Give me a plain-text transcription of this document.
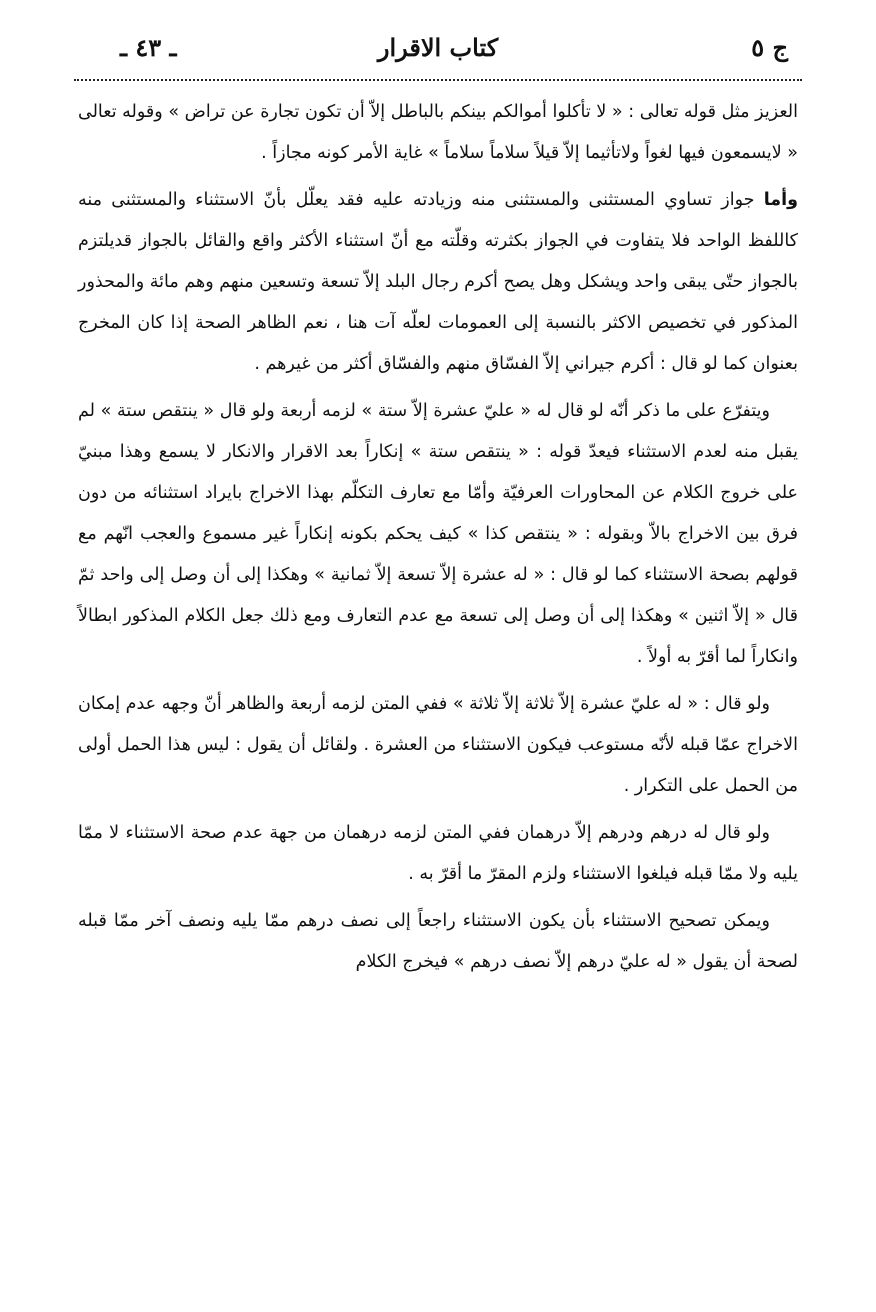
ج ٥
كتاب الاقرار
ـ ٤٣ ـ

العزيز مثل قوله تعالى : « لا تأكلوا أموالكم بينكم بالباطل إلاّ أن تكون تجارة عن تراض » وقوله تعالى « لايسمعون فيها لغواً ولاتأثيما إلاّ قيلاً سلاماً سلاماً » غاية الأمر كونه مجازاً .

وأما جواز تساوي المستثنى والمستثنى منه وزيادته عليه فقد يعلّل بأنّ الاستثناء والمستثنى منه كاللفظ الواحد فلا يتفاوت في الجواز بكثرته وقلّته مع أنّ استثناء الأكثر واقع والقائل بالجواز قديلتزم بالجواز حتّى يبقى واحد ويشكل وهل يصح أكرم رجال البلد إلاّ تسعة وتسعين منهم وهم مائة والمحذور المذكور في تخصيص الاكثر بالنسبة إلى العمومات لعلّه آت هنا ، نعم الظاهر الصحة إذا كان المخرج بعنوان كما لو قال : أكرم جيراني إلاّ الفسّاق منهم والفسّاق أكثر من غيرهم .

ويتفرّع على ما ذكر أنّه لو قال له « عليّ عشرة إلاّ ستة » لزمه أربعة ولو قال « ينتقص ستة » لم يقبل منه لعدم الاستثناء فيعدّ قوله : « ينتقص ستة » إنكاراً بعد الاقرار والانكار لا يسمع وهذا مبنيّ على خروج الكلام عن المحاورات العرفيّة وأمّا مع تعارف التكلّم بهذا الاخراج بايراد استثنائه من دون فرق بين الاخراج بالاّ وبقوله : « ينتقص كذا » كيف يحكم بكونه إنكاراً غير مسموع والعجب انّهم مع قولهم بصحة الاستثناء كما لو قال : « له عشرة إلاّ تسعة إلاّ ثمانية » وهكذا إلى أن وصل إلى واحد ثمّ قال « إلاّ اثنين » وهكذا إلى أن وصل إلى تسعة مع عدم التعارف ومع ذلك جعل الكلام المذكور ابطالاً وانكاراً لما أقرّ به أولاً .

ولو قال : « له عليّ عشرة إلاّ ثلاثة إلاّ ثلاثة » ففي المتن لزمه أربعة والظاهر أنّ وجهه عدم إمكان الاخراج عمّا قبله لأنّه مستوعب فيكون الاستثناء من العشرة . ولقائل أن يقول : ليس هذا الحمل أولى من الحمل على التكرار .

ولو قال له درهم ودرهم إلاّ درهمان ففي المتن لزمه درهمان من جهة عدم صحة الاستثناء لا ممّا يليه ولا ممّا قبله فيلغوا الاستثناء ولزم المقرّ ما أقرّ به .

ويمكن تصحيح الاستثناء بأن يكون الاستثناء راجعاً إلى نصف درهم ممّا يليه ونصف آخر ممّا قبله لصحة أن يقول « له عليّ درهم إلاّ نصف درهم » فيخرج الكلام
